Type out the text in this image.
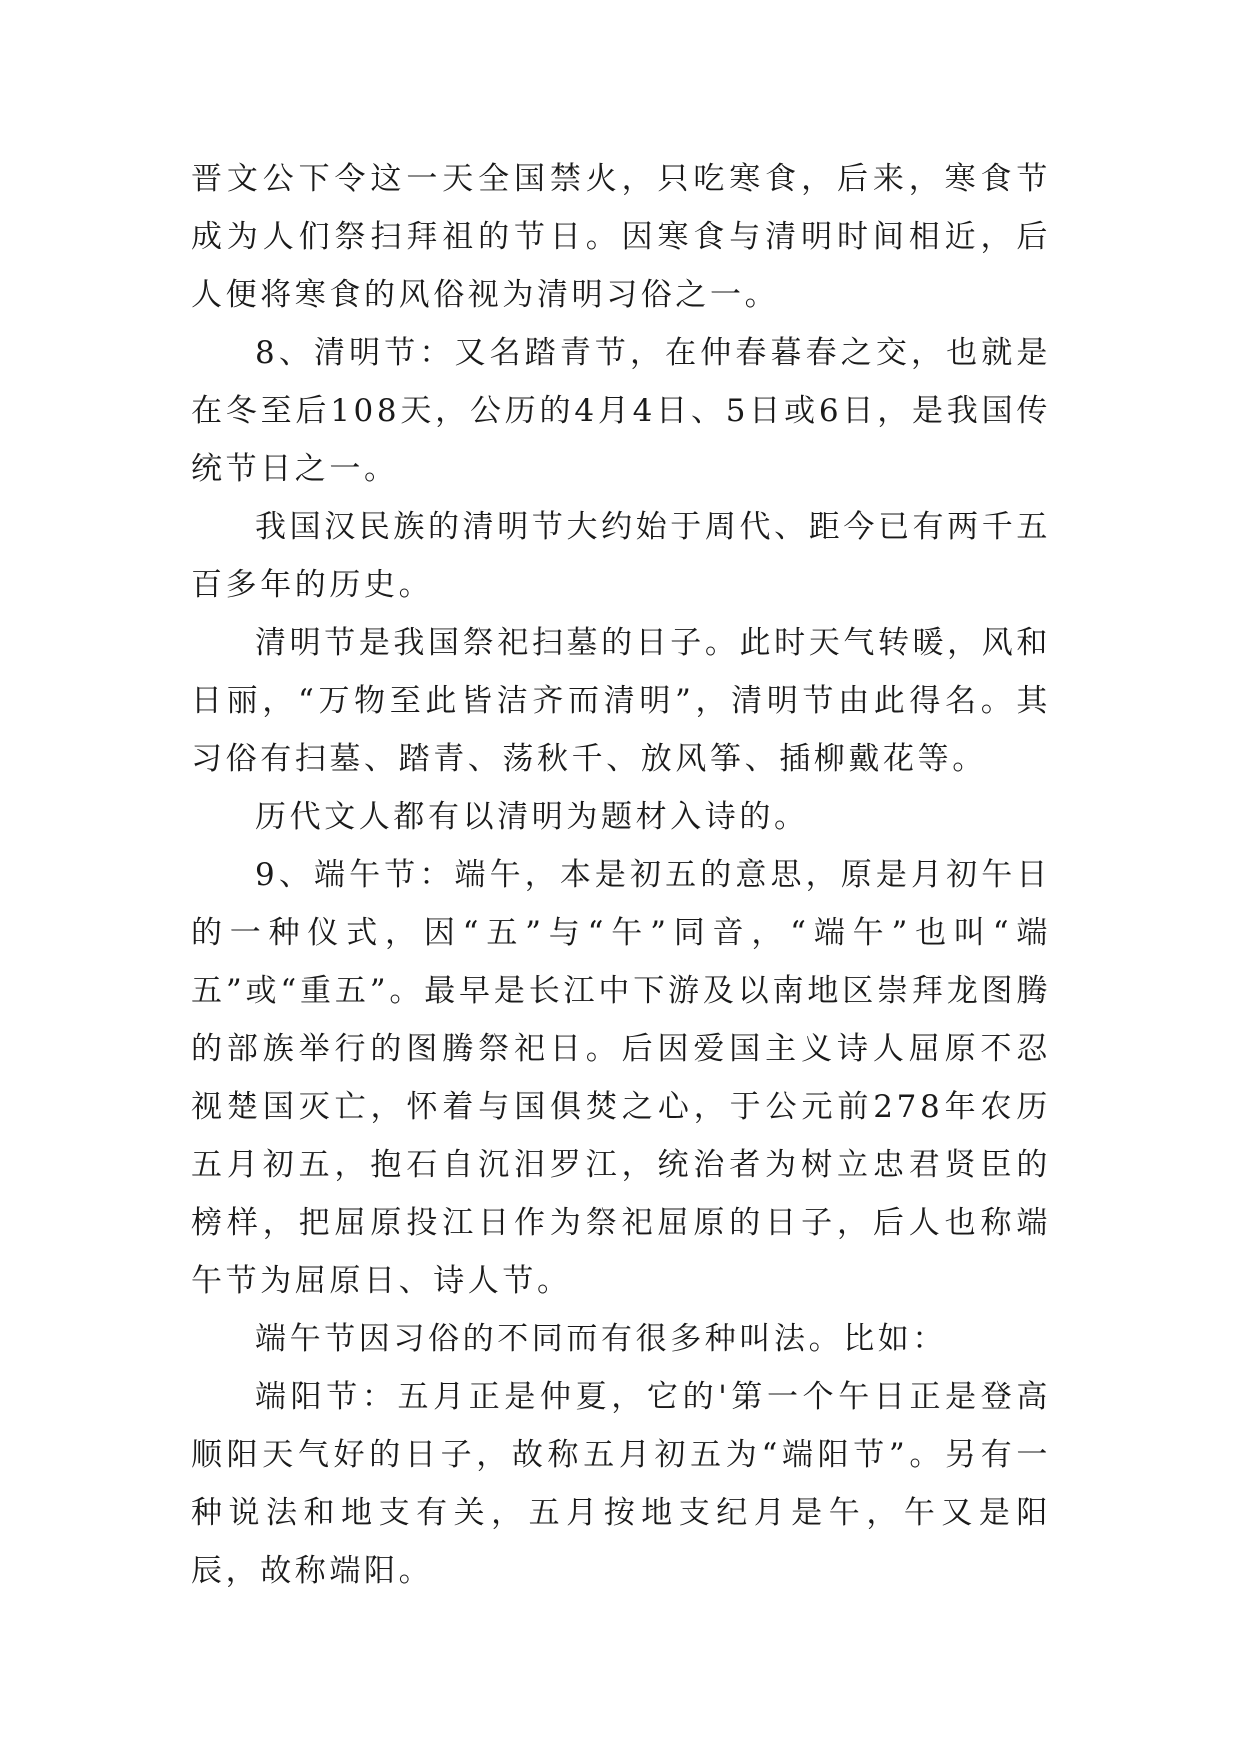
晋文公下令这一天全国禁火，只吃寒食，后来，寒食节成为人们祭扫拜祖的节日。因寒食与清明时间相近，后人便将寒食的风俗视为清明习俗之一。

8、清明节：又名踏青节，在仲春暮春之交，也就是在冬至后108天，公历的4月4日、5日或6日，是我国传统节日之一。

我国汉民族的清明节大约始于周代、距今已有两千五百多年的历史。

清明节是我国祭祀扫墓的日子。此时天气转暖，风和日丽，“万物至此皆洁齐而清明”，清明节由此得名。其习俗有扫墓、踏青、荡秋千、放风筝、插柳戴花等。

历代文人都有以清明为题材入诗的。

9、端午节：端午，本是初五的意思，原是月初午日的一种仪式，因“五”与“午”同音，“端午”也叫“端五”或“重五”。最早是长江中下游及以南地区崇拜龙图腾的部族举行的图腾祭祀日。后因爱国主义诗人屈原不忍视楚国灭亡，怀着与国俱焚之心，于公元前278年农历五月初五，抱石自沉汨罗江，统治者为树立忠君贤臣的榜样，把屈原投江日作为祭祀屈原的日子，后人也称端午节为屈原日、诗人节。

端午节因习俗的不同而有很多种叫法。比如：

端阳节：五月正是仲夏，它的'第一个午日正是登高顺阳天气好的日子，故称五月初五为“端阳节”。另有一种说法和地支有关，五月按地支纪月是午，午又是阳辰，故称端阳。
